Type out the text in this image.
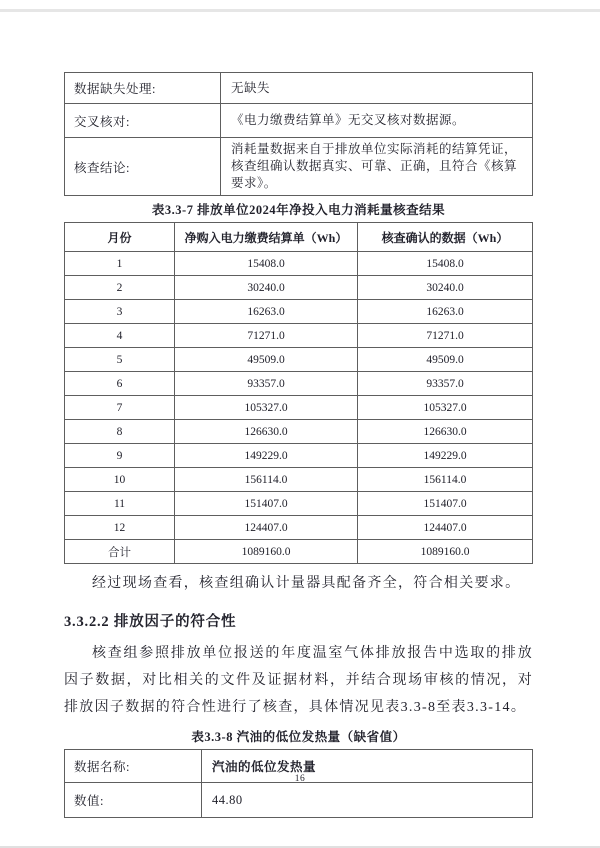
数据缺失处理:	无缺失
交叉核对:	《电力缴费结算单》无交叉核对数据源。
核查结论:	消耗量数据来自于排放单位实际消耗的结算凭证，核查组确认数据真实、可靠、正确，且符合《核算要求》。
表3.3-7 排放单位2024年净投入电力消耗量核查结果
月份	净购入电力缴费结算单（Wh）	核查确认的数据（Wh）
1	15408.0	15408.0
2	30240.0	30240.0
3	16263.0	16263.0
4	71271.0	71271.0
5	49509.0	49509.0
6	93357.0	93357.0
7	105327.0	105327.0
8	126630.0	126630.0
9	149229.0	149229.0
10	156114.0	156114.0
11	151407.0	151407.0
12	124407.0	124407.0
合计	1089160.0	1089160.0

经过现场查看，核查组确认计量器具配备齐全，符合相关要求。

3.3.2.2 排放因子的符合性

核查组参照排放单位报送的年度温室气体排放报告中选取的排放因子数据，对比相关的文件及证据材料，并结合现场审核的情况，对排放因子数据的符合性进行了核查，具体情况见表3.3-8至表3.3-14。

表3.3-8 汽油的低位发热量（缺省值）
数据名称:	汽油的低位发热量
数值:	44.80
16
